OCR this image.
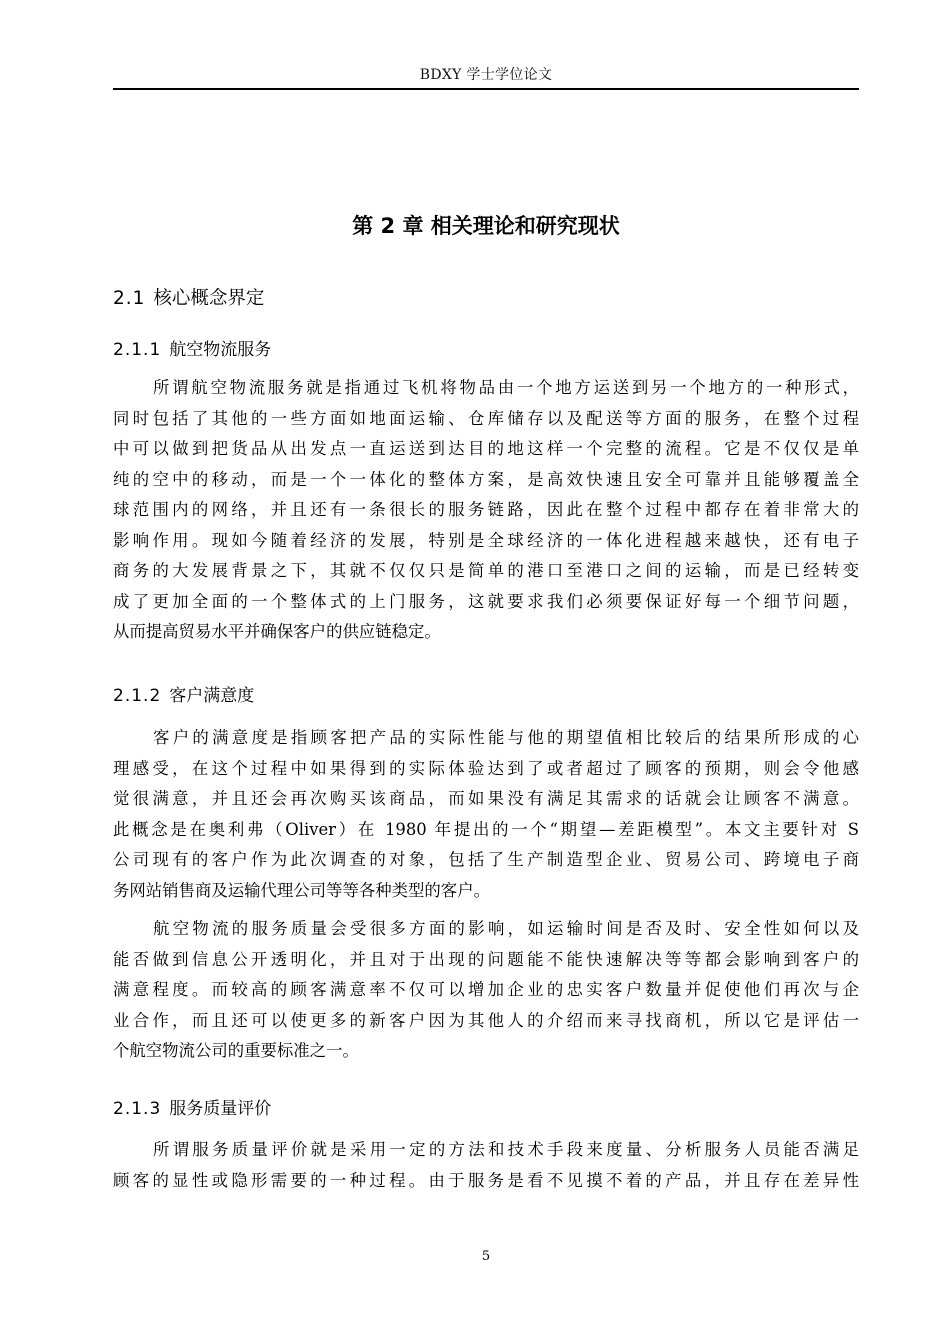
BDXY 学士学位论文
第 2 章 相关理论和研究现状
2.1 核心概念界定
2.1.1 航空物流服务
所谓航空物流服务就是指通过飞机将物品由一个地方运送到另一个地方的一种形式，
同时包括了其他的一些方面如地面运输、仓库储存以及配送等方面的服务，在整个过程
中可以做到把货品从出发点一直运送到达目的地这样一个完整的流程。它是不仅仅是单
纯的空中的移动，而是一个一体化的整体方案，是高效快速且安全可靠并且能够覆盖全
球范围内的网络，并且还有一条很长的服务链路，因此在整个过程中都存在着非常大的
影响作用。现如今随着经济的发展，特别是全球经济的一体化进程越来越快，还有电子
商务的大发展背景之下，其就不仅仅只是简单的港口至港口之间的运输，而是已经转变
成了更加全面的一个整体式的上门服务，这就要求我们必须要保证好每一个细节问题，
从而提高贸易水平并确保客户的供应链稳定。
2.1.2 客户满意度
客户的满意度是指顾客把产品的实际性能与他的期望值相比较后的结果所形成的心
理感受，在这个过程中如果得到的实际体验达到了或者超过了顾客的预期，则会令他感
觉很满意，并且还会再次购买该商品，而如果没有满足其需求的话就会让顾客不满意。
此概念是在奥利弗（Oliver）在 1980 年提出的一个“期望—差距模型”。本文主要针对 S
公司现有的客户作为此次调查的对象，包括了生产制造型企业、贸易公司、跨境电子商
务网站销售商及运输代理公司等等各种类型的客户。
航空物流的服务质量会受很多方面的影响，如运输时间是否及时、安全性如何以及
能否做到信息公开透明化，并且对于出现的问题能不能快速解决等等都会影响到客户的
满意程度。而较高的顾客满意率不仅可以增加企业的忠实客户数量并促使他们再次与企
业合作，而且还可以使更多的新客户因为其他人的介绍而来寻找商机，所以它是评估一
个航空物流公司的重要标准之一。
2.1.3 服务质量评价
所谓服务质量评价就是采用一定的方法和技术手段来度量、分析服务人员能否满足
顾客的显性或隐形需要的一种过程。由于服务是看不见摸不着的产品，并且存在差异性
5
